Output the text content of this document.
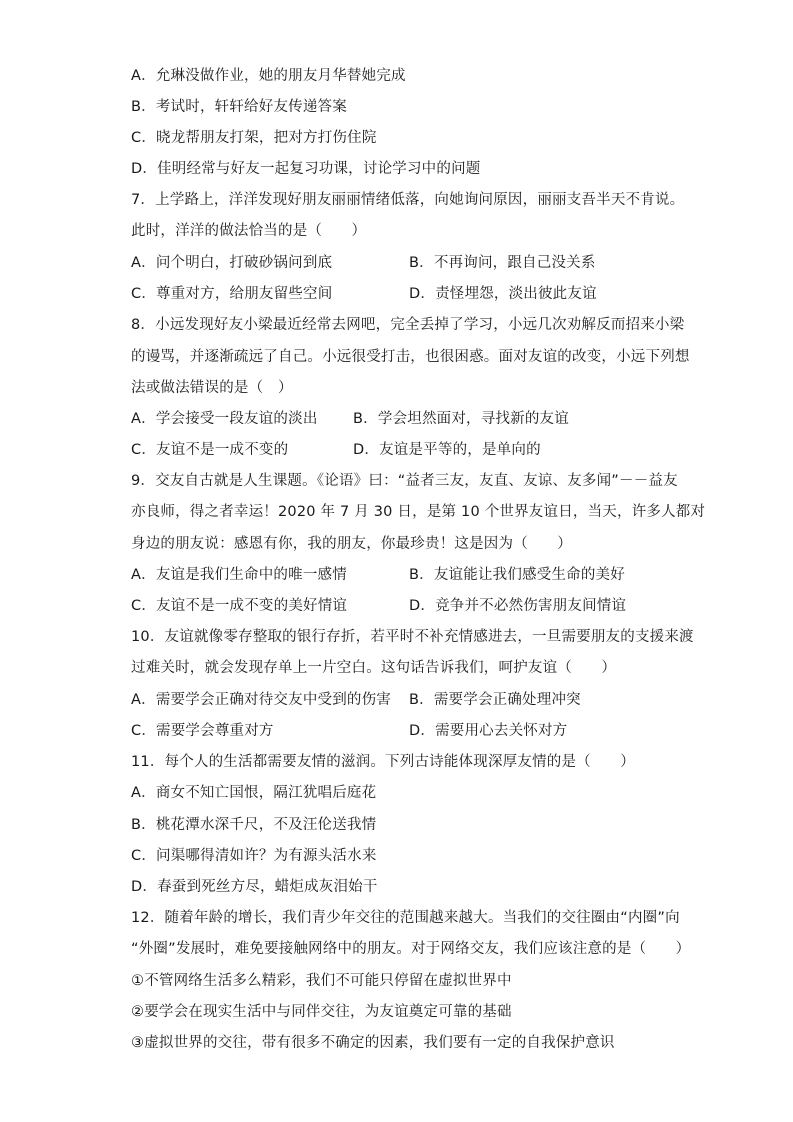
A．允琳没做作业，她的朋友月华替她完成
B．考试时，轩轩给好友传递答案
C．晓龙帮朋友打架，把对方打伤住院
D．佳明经常与好友一起复习功课，讨论学习中的问题
7．上学路上，洋洋发现好朋友丽丽情绪低落，向她询问原因，丽丽支吾半天不肯说。
此时，洋洋的做法恰当的是（　　）
A．问个明白，打破砂锅问到底	B．不再询问，跟自己没关系
C．尊重对方，给朋友留些空间	D．责怪埋怨，淡出彼此友谊
8．小远发现好友小梁最近经常去网吧，完全丢掉了学习，小远几次劝解反而招来小梁
的谩骂，并逐渐疏远了自己。小远很受打击，也很困惑。面对友谊的改变，小远下列想
法或做法错误的是（　）
A．学会接受一段友谊的淡出 B．学会坦然面对，寻找新的友谊
C．友谊不是一成不变的	D．友谊是平等的，是单向的
9．交友自古就是人生课题。《论语》曰：“益者三友，友直、友谅、友多闻”－－益友
亦良师，得之者幸运！2020 年 7 月 30 日，是第 10 个世界友谊日，当天，许多人都对
身边的朋友说：感恩有你，我的朋友，你最珍贵！这是因为（　　）
A．友谊是我们生命中的唯一感情	B．友谊能让我们感受生命的美好
C．友谊不是一成不变的美好情谊	D．竞争并不必然伤害朋友间情谊
10．友谊就像零存整取的银行存折，若平时不补充情感进去，一旦需要朋友的支援来渡
过难关时，就会发现存单上一片空白。这句话告诉我们，呵护友谊（　　）
A．需要学会正确对待交友中受到的伤害 B．需要学会正确处理冲突
C．需要学会尊重对方	D．需要用心去关怀对方
11．每个人的生活都需要友情的滋润。下列古诗能体现深厚友情的是（　　）
A．商女不知亡国恨，隔江犹唱后庭花
B．桃花潭水深千尺，不及汪伦送我情
C．问渠哪得清如许？为有源头活水来
D．春蚕到死丝方尽，蜡炬成灰泪始干
12．随着年龄的增长，我们青少年交往的范围越来越大。当我们的交往圈由“内圈”向
“外圈”发展时，难免要接触网络中的朋友。对于网络交友，我们应该注意的是（　　）
①不管网络生活多么精彩，我们不可能只停留在虚拟世界中
②要学会在现实生活中与同伴交往，为友谊奠定可靠的基础
③虚拟世界的交往，带有很多不确定的因素，我们要有一定的自我保护意识
